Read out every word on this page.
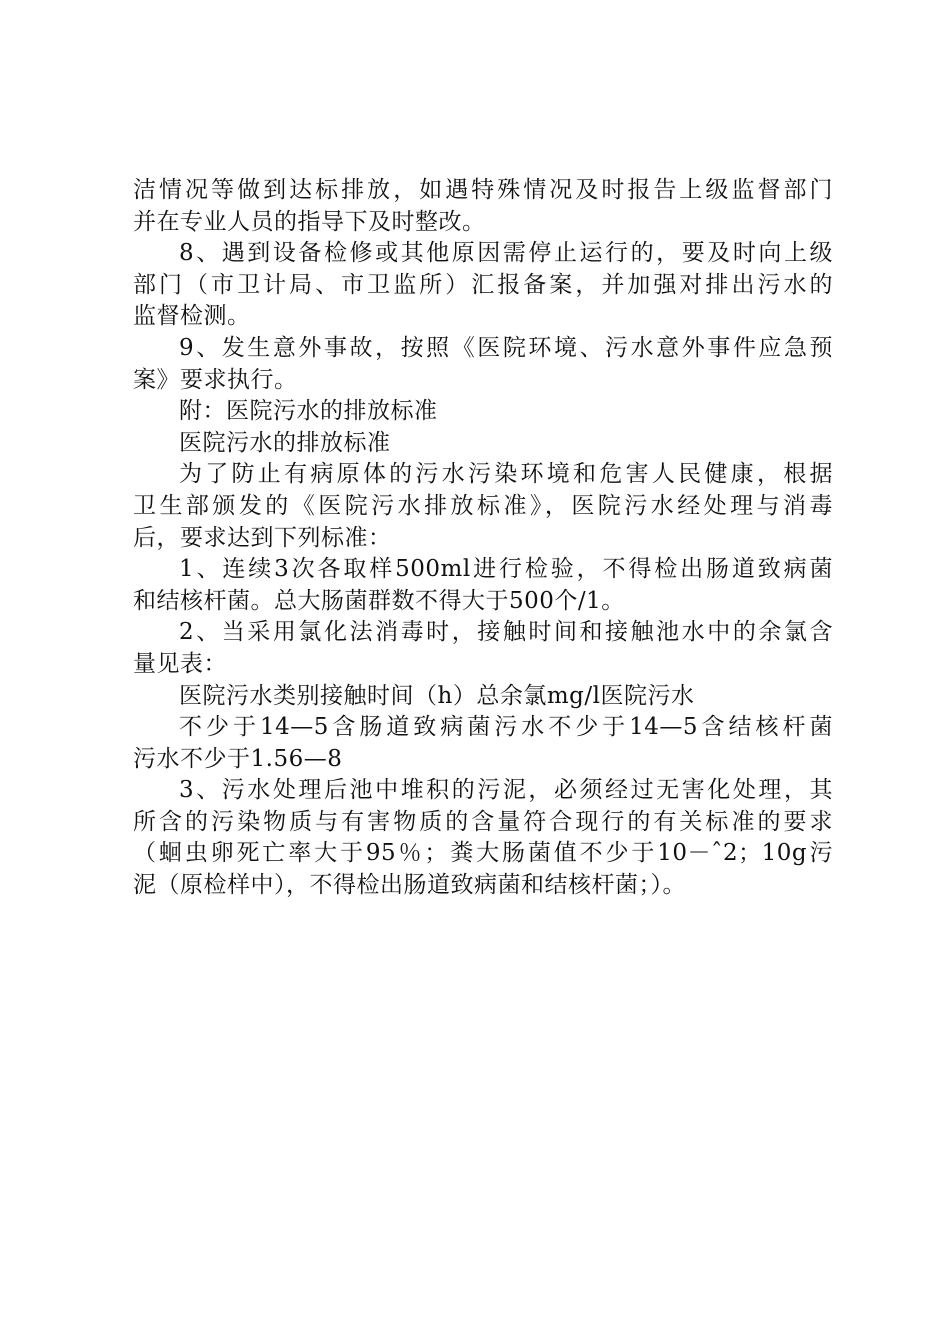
洁情况等做到达标排放，如遇特殊情况及时报告上级监督部门
并在专业人员的指导下及时整改。
8、遇到设备检修或其他原因需停止运行的，要及时向上级
部门（市卫计局、市卫监所）汇报备案，并加强对排出污水的
监督检测。
9、发生意外事故，按照《医院环境、污水意外事件应急预
案》要求执行。
附：医院污水的排放标准
医院污水的排放标准
为了防止有病原体的污水污染环境和危害人民健康，根据
卫生部颁发的《医院污水排放标准》，医院污水经处理与消毒
后，要求达到下列标准：
1、连续3次各取样500ml进行检验，不得检出肠道致病菌
和结核杆菌。总大肠菌群数不得大于500个/1。
2、当采用氯化法消毒时，接触时间和接触池水中的余氯含
量见表：
医院污水类别接触时间（h）总余氯mg/l医院污水
不少于14—5含肠道致病菌污水不少于14—5含结核杆菌
污水不少于1.56—8
3、污水处理后池中堆积的污泥，必须经过无害化处理，其
所含的污染物质与有害物质的含量符合现行的有关标准的要求
（蛔虫卵死亡率大于95％；粪大肠菌值不少于10－ˆ2；10g污
泥（原检样中），不得检出肠道致病菌和结核杆菌；）。
